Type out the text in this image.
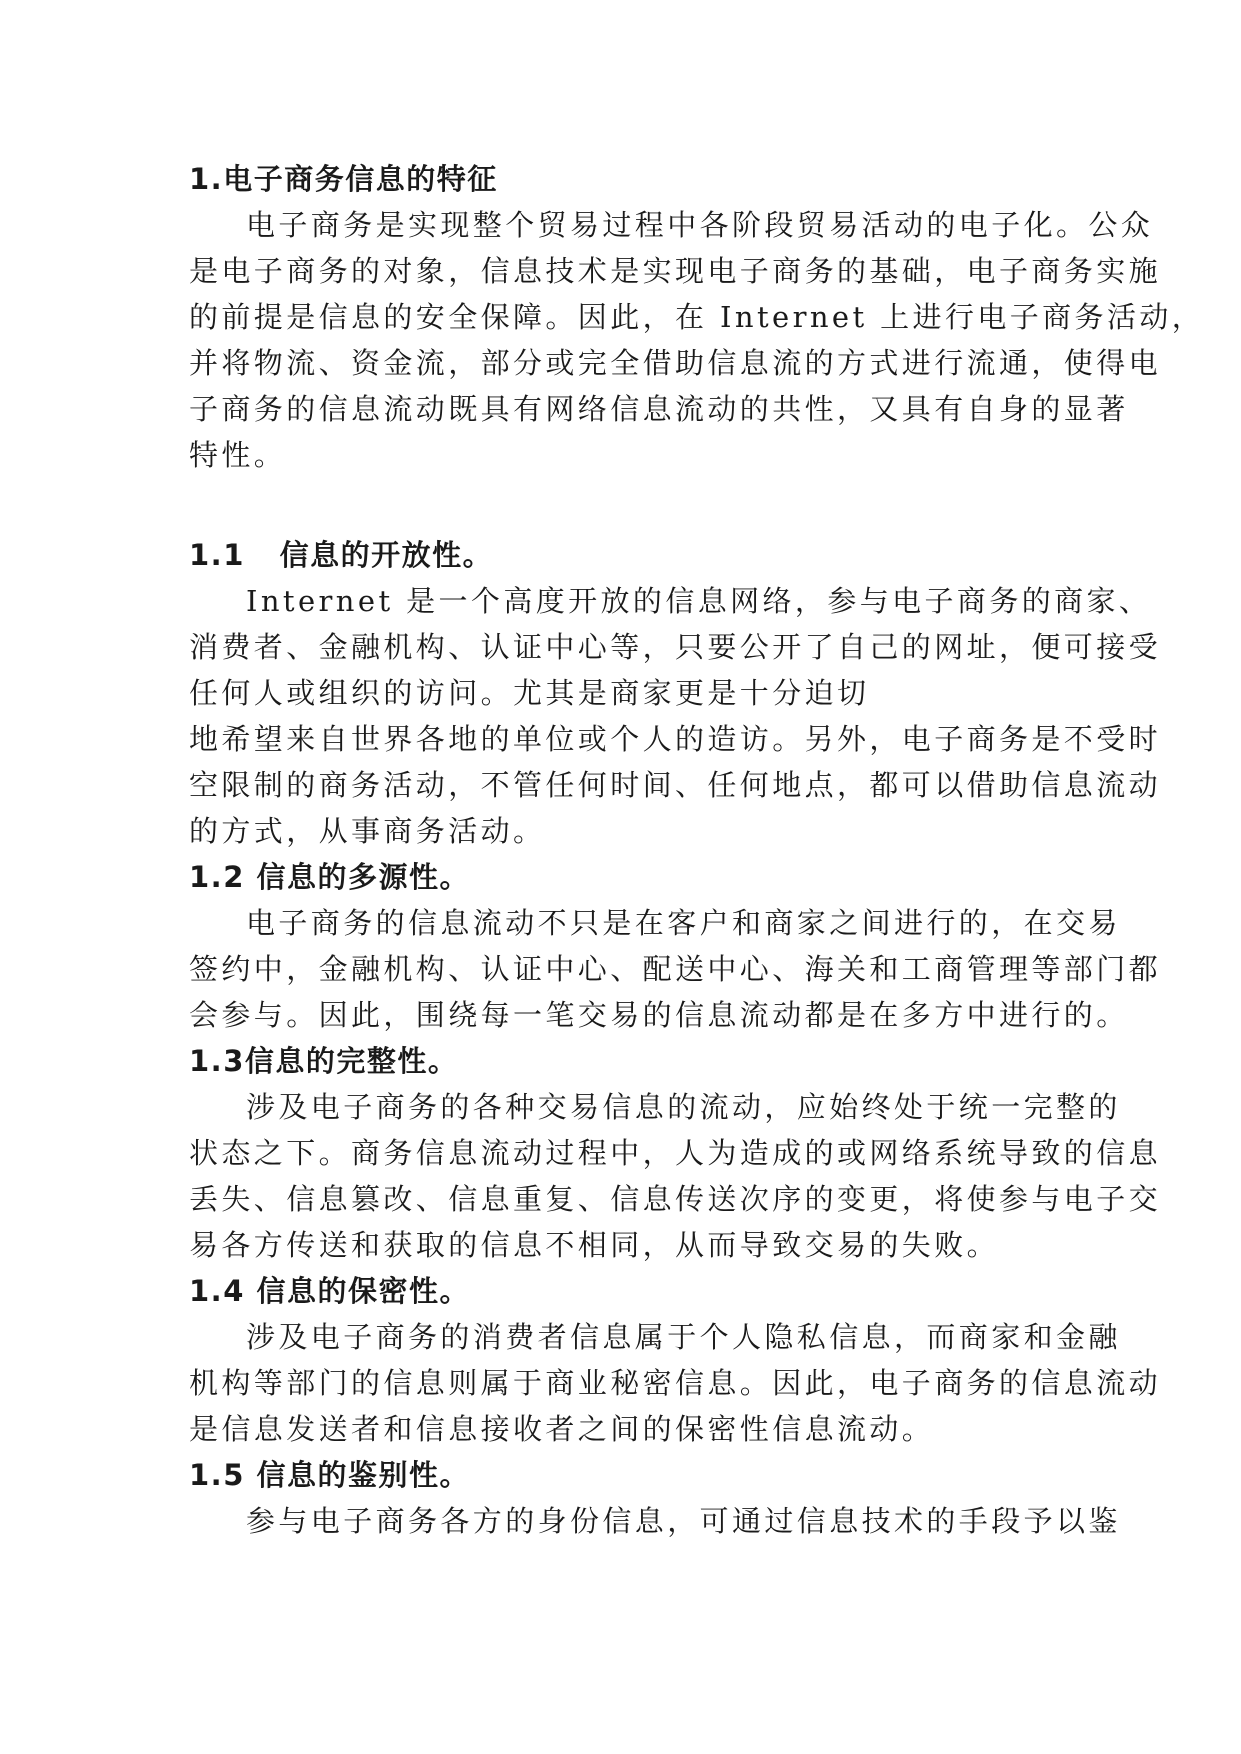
1.电子商务信息的特征
电子商务是实现整个贸易过程中各阶段贸易活动的电子化。公众
是电子商务的对象，信息技术是实现电子商务的基础，电子商务实施
的前提是信息的安全保障。因此，在 Internet 上进行电子商务活动，
并将物流、资金流，部分或完全借助信息流的方式进行流通，使得电
子商务的信息流动既具有网络信息流动的共性，又具有自身的显著
特性。
1.1   信息的开放性。
Internet 是一个高度开放的信息网络，参与电子商务的商家、
消费者、金融机构、认证中心等，只要公开了自己的网址，便可接受
任何人或组织的访问。尤其是商家更是十分迫切
地希望来自世界各地的单位或个人的造访。另外，电子商务是不受时
空限制的商务活动，不管任何时间、任何地点，都可以借助信息流动
的方式，从事商务活动。
1.2 信息的多源性。
电子商务的信息流动不只是在客户和商家之间进行的，在交易
签约中，金融机构、认证中心、配送中心、海关和工商管理等部门都
会参与。因此，围绕每一笔交易的信息流动都是在多方中进行的。
1.3信息的完整性。
涉及电子商务的各种交易信息的流动，应始终处于统一完整的
状态之下。商务信息流动过程中，人为造成的或网络系统导致的信息
丢失、信息篡改、信息重复、信息传送次序的变更，将使参与电子交
易各方传送和获取的信息不相同，从而导致交易的失败。
1.4 信息的保密性。
涉及电子商务的消费者信息属于个人隐私信息，而商家和金融
机构等部门的信息则属于商业秘密信息。因此，电子商务的信息流动
是信息发送者和信息接收者之间的保密性信息流动。
1.5 信息的鉴别性。
参与电子商务各方的身份信息，可通过信息技术的手段予以鉴
